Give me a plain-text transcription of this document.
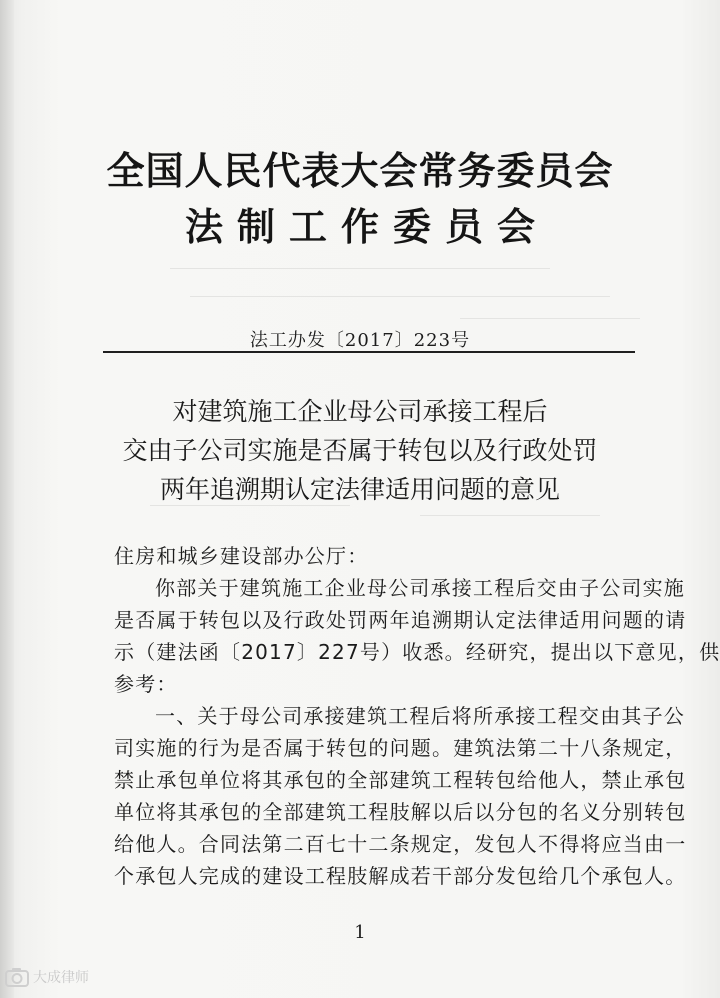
全国人民代表大会常务委员会
法制工作委员会
法工办发〔2017〕223号
对建筑施工企业母公司承接工程后
交由子公司实施是否属于转包以及行政处罚
两年追溯期认定法律适用问题的意见
住房和城乡建设部办公厅：
你部关于建筑施工企业母公司承接工程后交由子公司实施
是否属于转包以及行政处罚两年追溯期认定法律适用问题的请
示（建法函〔2017〕227号）收悉。经研究，提出以下意见，供
参考：
一、关于母公司承接建筑工程后将所承接工程交由其子公
司实施的行为是否属于转包的问题。建筑法第二十八条规定，
禁止承包单位将其承包的全部建筑工程转包给他人，禁止承包
单位将其承包的全部建筑工程肢解以后以分包的名义分别转包
给他人。合同法第二百七十二条规定，发包人不得将应当由一
个承包人完成的建设工程肢解成若干部分发包给几个承包人。
1
大成律师
